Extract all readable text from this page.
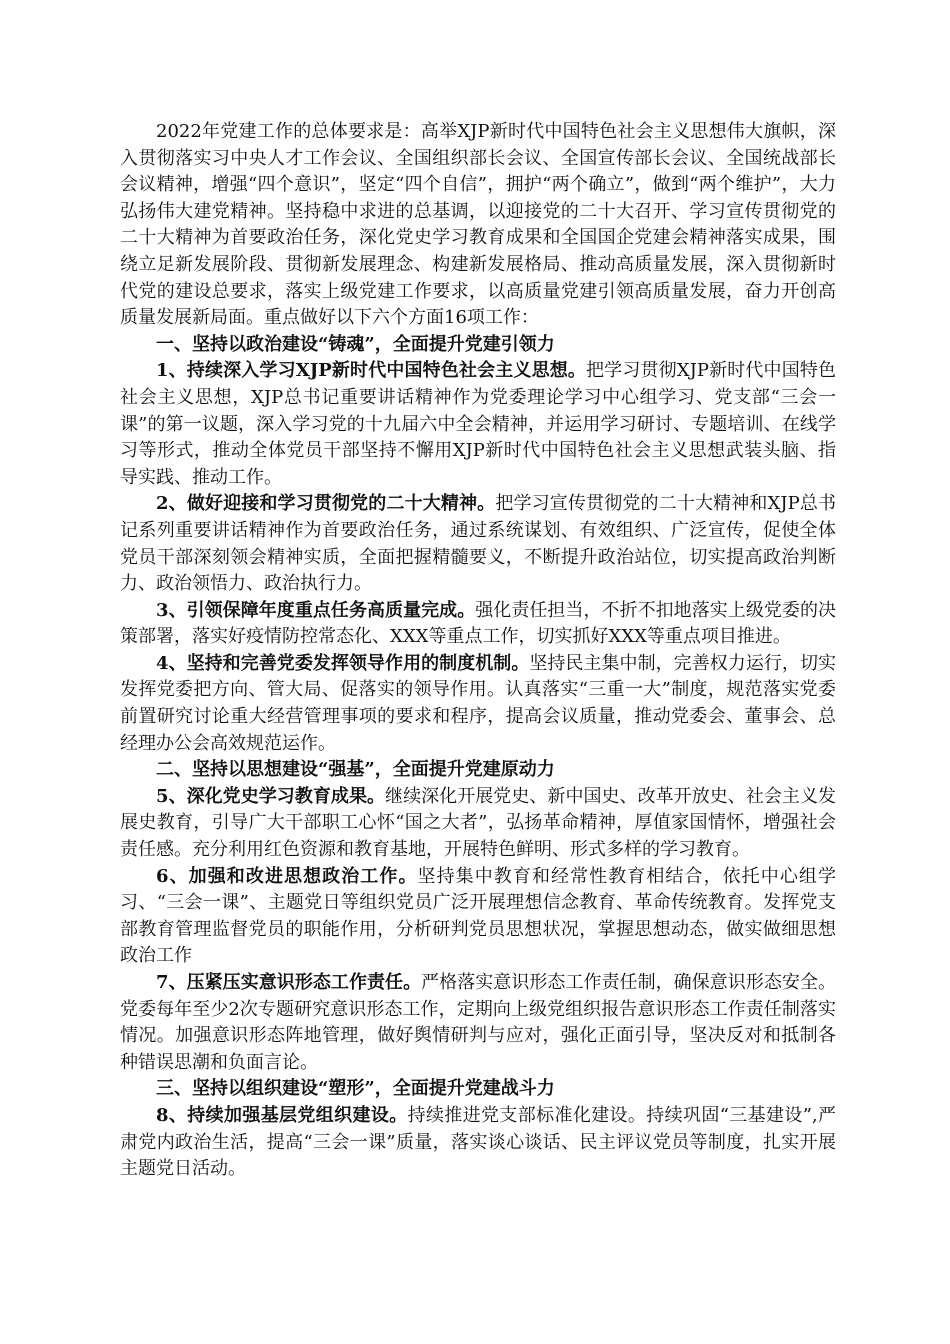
2022年党建工作的总体要求是：高举XJP新时代中国特色社会主义思想伟大旗帜，深入贯彻落实习中央人才工作会议、全国组织部长会议、全国宣传部长会议、全国统战部长会议精神，增强“四个意识”，坚定“四个自信”，拥护“两个确立”，做到“两个维护”，大力弘扬伟大建党精神。坚持稳中求进的总基调，以迎接党的二十大召开、学习宣传贯彻党的二十大精神为首要政治任务，深化党史学习教育成果和全国国企党建会精神落实成果，围绕立足新发展阶段、贯彻新发展理念、构建新发展格局、推动高质量发展，深入贯彻新时代党的建设总要求，落实上级党建工作要求，以高质量党建引领高质量发展，奋力开创高质量发展新局面。重点做好以下六个方面16项工作：

一、坚持以政治建设“铸魂”，全面提升党建引领力

1、持续深入学习XJP新时代中国特色社会主义思想。把学习贯彻XJP新时代中国特色社会主义思想，XJP总书记重要讲话精神作为党委理论学习中心组学习、党支部“三会一课”的第一议题，深入学习党的十九届六中全会精神，并运用学习研讨、专题培训、在线学习等形式，推动全体党员干部坚持不懈用XJP新时代中国特色社会主义思想武装头脑、指导实践、推动工作。

2、做好迎接和学习贯彻党的二十大精神。把学习宣传贯彻党的二十大精神和XJP总书记系列重要讲话精神作为首要政治任务，通过系统谋划、有效组织、广泛宣传，促使全体党员干部深刻领会精神实质，全面把握精髓要义，不断提升政治站位，切实提高政治判断力、政治领悟力、政治执行力。

3、引领保障年度重点任务高质量完成。强化责任担当，不折不扣地落实上级党委的决策部署，落实好疫情防控常态化、XXX等重点工作，切实抓好XXX等重点项目推进。

4、坚持和完善党委发挥领导作用的制度机制。坚持民主集中制，完善权力运行，切实发挥党委把方向、管大局、促落实的领导作用。认真落实“三重一大”制度，规范落实党委前置研究讨论重大经营管理事项的要求和程序，提高会议质量，推动党委会、董事会、总经理办公会高效规范运作。

二、坚持以思想建设“强基”，全面提升党建原动力

5、深化党史学习教育成果。继续深化开展党史、新中国史、改革开放史、社会主义发展史教育，引导广大干部职工心怀“国之大者”，弘扬革命精神，厚值家国情怀，增强社会责任感。充分利用红色资源和教育基地，开展特色鲜明、形式多样的学习教育。

6、加强和改进思想政治工作。坚持集中教育和经常性教育相结合，依托中心组学习、“三会一课”、主题党日等组织党员广泛开展理想信念教育、革命传统教育。发挥党支部教育管理监督党员的职能作用，分析研判党员思想状况，掌握思想动态，做实做细思想政治工作

7、压紧压实意识形态工作责任。严格落实意识形态工作责任制，确保意识形态安全。党委每年至少2次专题研究意识形态工作，定期向上级党组织报告意识形态工作责任制落实情况。加强意识形态阵地管理，做好舆情研判与应对，强化正面引导，坚决反对和抵制各种错误思潮和负面言论。

三、坚持以组织建设“塑形”，全面提升党建战斗力

8、持续加强基层党组织建设。持续推进党支部标准化建设。持续巩固“三基建设”,严肃党内政治生活，提高“三会一课”质量，落实谈心谈话、民主评议党员等制度，扎实开展主题党日活动。
